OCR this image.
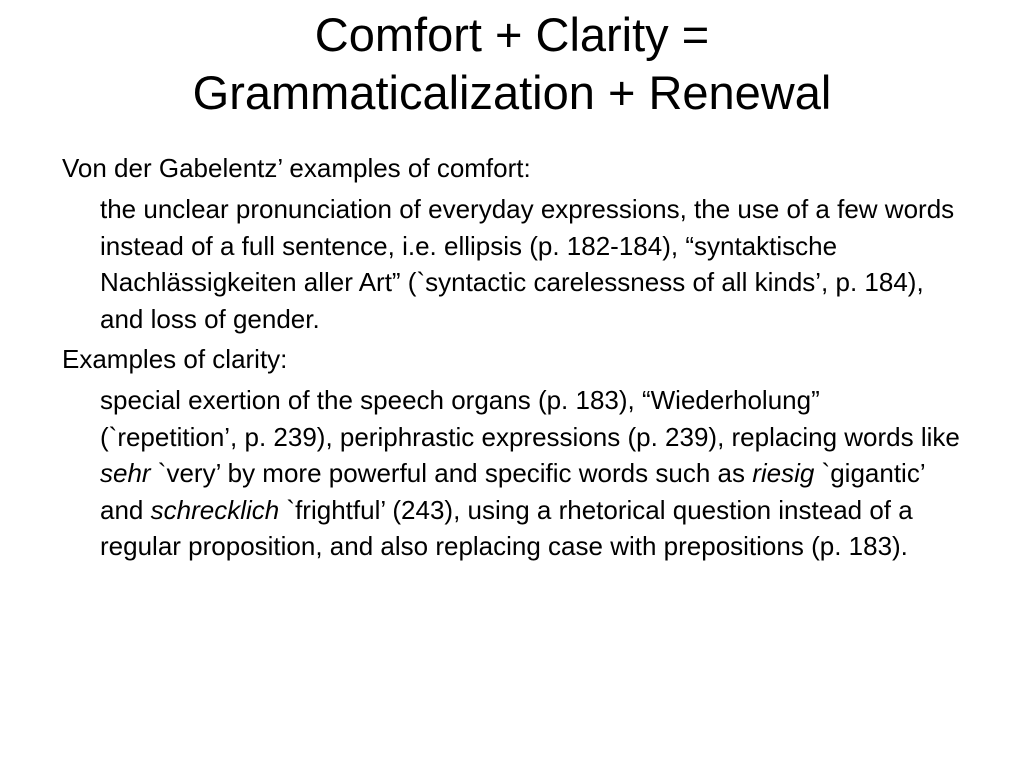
Comfort + Clarity =
Grammaticalization + Renewal

Von der Gabelentz’ examples of comfort:

the unclear pronunciation of everyday expressions, the use of a few words instead of a full sentence, i.e. ellipsis (p. 182-184), “syntaktische Nachlässigkeiten aller Art” (`syntactic carelessness of all kinds’, p. 184), and loss of gender.

Examples of clarity:

special exertion of the speech organs (p. 183), “Wiederholung” (`repetition’, p. 239), periphrastic expressions (p. 239), replacing words like sehr `very’ by more powerful and specific words such as riesig `gigantic’ and schrecklich `frightful’ (243), using a rhetorical question instead of a regular proposition, and also replacing case with prepositions (p. 183).
